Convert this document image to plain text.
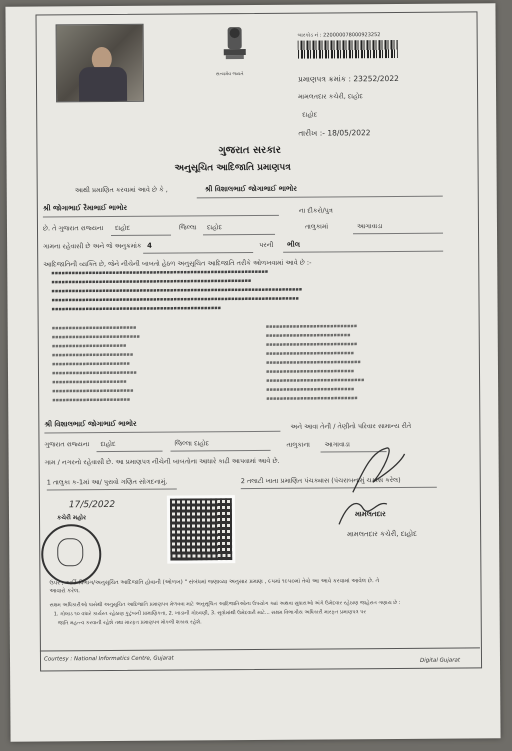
સત્યમેવ જયતે
બારકોડ નં : 220000078000923252
પ્રમાણપત્ર ક્રમાંક : 23252/2022
મામલતદાર કચેરી, દાહોદ
દાહોદ
તારીખ :- 18/05/2022
ગુજરાત સરકાર
અનુસૂચિત આદિજાતિ પ્રમાણપત્ર
આથી પ્રમાણિત કરવામાં આવે છે કે ,	શ્રી વિશાલભાઈ જોગાભાઈ ભાભોર
શ્રી જોગાભાઈ રૈમાભાઈ ભાભોર	ના દીકરો/પુત્ર
છે. તે ગુજરાત રાજ્યના દાહોદ	જિલ્લા દાહોદ	તાલુકામાં	આગાવાડા
ગામના રહેવાસી છે અને જે અનુક્રમાંક 4	પરની ભીલ
આદિજાતિની વ્યક્તિ છે, જેને નીચેની બાબતો હેઠળ અનુસૂચિત આદિજાતિ તરીકે ઓળખવામાં આવે છે :-
▪▪▪▪▪▪▪▪▪▪▪▪▪▪▪▪▪▪▪▪▪▪▪▪▪▪▪▪▪▪▪▪▪▪▪▪▪▪▪▪▪▪▪▪▪▪▪▪▪▪▪▪▪▪▪▪▪▪▪▪▪▪▪▪
▪▪▪▪▪▪▪▪▪▪▪▪▪▪▪▪▪▪▪▪▪▪▪▪▪▪▪▪▪▪▪▪▪▪▪▪▪▪▪▪▪▪▪▪▪▪▪▪▪▪▪▪▪▪▪▪▪▪▪
▪▪▪▪▪▪▪▪▪▪▪▪▪▪▪▪▪▪▪▪▪▪▪▪▪▪▪▪▪▪▪▪▪▪▪▪▪▪▪▪▪▪▪▪▪▪▪▪▪▪▪▪▪▪▪▪▪▪▪▪▪▪▪▪▪▪▪▪▪▪▪▪▪▪
▪▪▪▪▪▪▪▪▪▪▪▪▪▪▪▪▪▪▪▪▪▪▪▪▪▪▪▪▪▪▪▪▪▪▪▪▪▪▪▪▪▪▪▪▪▪▪▪▪▪▪▪▪▪▪▪▪▪▪▪▪▪▪▪▪▪▪▪▪▪▪▪▪
▪▪▪▪▪▪▪▪▪▪▪▪▪▪▪▪▪▪▪▪▪▪▪▪▪▪▪▪▪▪▪▪▪▪▪▪▪▪▪▪▪▪▪▪▪▪▪▪▪▪

▪▪▪▪▪▪▪▪▪▪▪▪▪▪▪▪▪▪▪▪▪▪▪▪▪
▪▪▪▪▪▪▪▪▪▪▪▪▪▪▪▪▪▪▪▪▪▪▪▪▪▪
▪▪▪▪▪▪▪▪▪▪▪▪▪▪▪▪▪▪▪▪▪▪
▪▪▪▪▪▪▪▪▪▪▪▪▪▪▪▪▪▪▪▪▪▪▪▪
▪▪▪▪▪▪▪▪▪▪▪▪▪▪▪▪▪▪▪▪▪▪▪
▪▪▪▪▪▪▪▪▪▪▪▪▪▪▪▪▪▪▪▪▪▪▪▪▪
▪▪▪▪▪▪▪▪▪▪▪▪▪▪▪▪▪▪▪▪▪▪
▪▪▪▪▪▪▪▪▪▪▪▪▪▪▪▪▪▪▪▪▪▪▪▪
▪▪▪▪▪▪▪▪▪▪▪▪▪▪▪▪▪▪▪▪▪▪▪
▪▪▪▪▪▪▪▪▪▪▪▪▪▪▪▪▪▪▪▪▪▪▪▪▪▪▪
▪▪▪▪▪▪▪▪▪▪▪▪▪▪▪▪▪▪▪▪▪▪▪▪▪
▪▪▪▪▪▪▪▪▪▪▪▪▪▪▪▪▪▪▪▪▪▪▪▪▪▪▪
▪▪▪▪▪▪▪▪▪▪▪▪▪▪▪▪▪▪▪▪▪▪▪▪▪▪
▪▪▪▪▪▪▪▪▪▪▪▪▪▪▪▪▪▪▪▪▪▪▪▪▪▪▪▪
▪▪▪▪▪▪▪▪▪▪▪▪▪▪▪▪▪▪▪▪▪▪▪▪▪▪
▪▪▪▪▪▪▪▪▪▪▪▪▪▪▪▪▪▪▪▪▪▪▪▪▪▪▪▪▪
▪▪▪▪▪▪▪▪▪▪▪▪▪▪▪▪▪▪▪▪▪▪▪▪▪▪
▪▪▪▪▪▪▪▪▪▪▪▪▪▪▪▪▪▪▪▪▪▪▪▪▪▪▪
શ્રી વિશાલભાઈ જોગાભાઈ ભાભોર	અને આવા તેની / તેણીનો પરિવાર સામાન્ય રીતે
ગુજરાત રાજ્યના દાહોદ	જિલ્લા દાહોદ	તાલુકાના આગાવાડા
ગામ / નગરનો રહેવાસી છે. આ પ્રમાણપત્ર નીચેની બાબતોના આધારે કાઢી આપવામાં આવે છે.
1 તાલુકા ક-1માં આ/ પુરાવો ગણિત સોગદનામું.	2 તલાટી ખાતા પ્રમાણિત પંચક્યાસ (પંચરાબનામું ચકાસ કરેલ)
17/5/2022
કચેરી મહોર	મામલતદાર
મામલતદાર કચેરી, દાહોદ
ઉપર , આર્ટિ-વિભાગ/અનુસૂચિત આદિજાતિ હોવાની (ઓળખ) " સંબંધમાં જણાવ્યા અનુસાર પ્રમાણ , ૯૫માં ૧૯૫૦માં તેવો આ આવે કરવામાં આવેલ છે. તે
આવારો કરેલ.
સક્ષમ અધિકારીઓ પાસેથી અનુસૂચિત આદિજાતિ પ્રમાણપત્ર મેળવવા માટે અનુસૂચિત આદિજાતિઓના ઉપયોગ ક્યાં અથવા સુધારાઓ અંગે ઉમેદવાર રહેઠાણ જાહેરાત ગણાય છે :
1. ગોલાડ ૧૦ વધારે કાર્યરત રહેઠાણ કુટુંબની પ્રામાણિકતા, 2. ખાડાની ગોઠવણી, 3. સૂત્રોમાંથી ઉમેદવારી માટે... સક્ષમ વિભાગીય અધિકારી મારફત પ્રમાણપત્ર પર
જાતિ મહત્ત્વ કરવાની રહેશે તથા મારફત પ્રમાણપત્ર મોકલી શકાય રહેશે.
Courtesy : National Informatics Centre, Gujarat	Digital Gujarat
